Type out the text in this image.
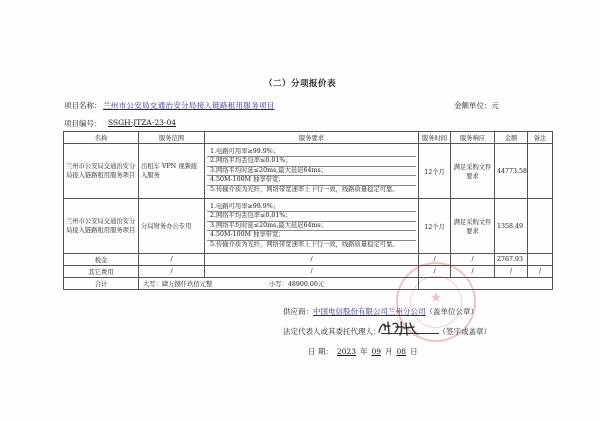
（二）分项报价表
项目名称： 兰州市公安局交通治安分局接入链路租用服务项目	金额单位：元
项目编号： SSGH-JTZA-23-04
名称	服务范围	服务要求	服务时间	服务响应	金额	备注
兰州市公安局交通治安分局接入链路租用服务项目	出租车 VPN 视频接入服务	1.电路可用率≥99.9%；
2.网络平均丢包率≤0.01%；
3.网络平均时延≤20ms,最大延迟64ms；
4.50M-100M 独享带宽；
5.传输介质为光纤，网络带宽速率上下行一致，线路质量稳定可靠。	12个月	满足采购文件要求	44773.58	
兰州市公安局交通治安分局接入链路租用服务项目	分局财务办公专用	1.电路可用率≥99.9%；
2.网络平均丢包率≤0.01%；
3.网络平均时延≤20ms,最大延迟64ms；
4.50M-100M 独享带宽；
5.传输介质为光纤，网络带宽速率上下行一致，线路质量稳定可靠。	12个月	满足采购文件要求	1358.49	
税金	/	/	/	/	2767.93	
其它费用	/	/	/	/	/	/
合计	大写：肆万捌仟玖佰元整		小写：48900.00元			
★
供应商：中国电信股份有限公司兰州分公司（盖单位公章）
法定代表人或其委托代理人：	（签字或盖章）
日 期： 2023 年 09 月 08 日
